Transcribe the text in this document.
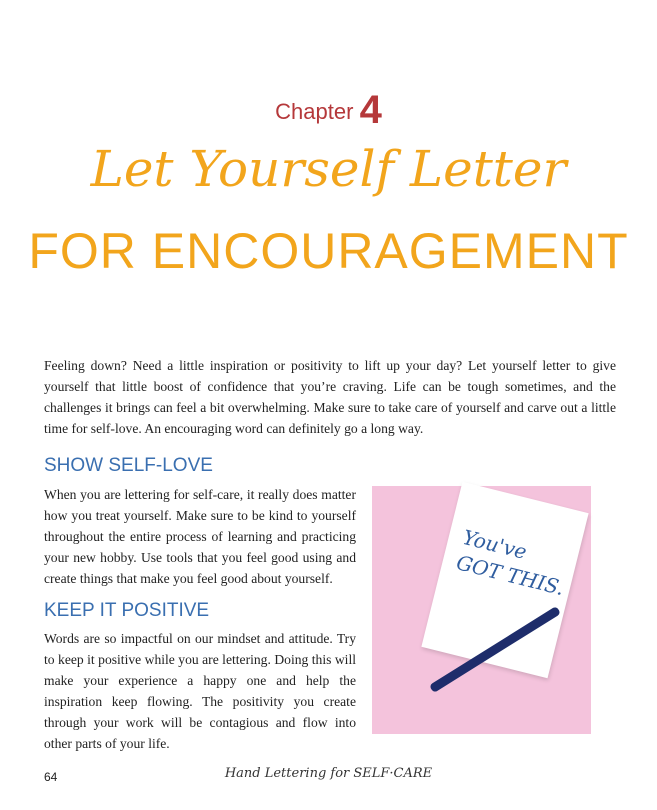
Chapter 4
Let Yourself Letter
FOR ENCOURAGEMENT
Feeling down? Need a little inspiration or positivity to lift up your day? Let yourself letter to give yourself that little boost of confidence that you’re craving. Life can be tough sometimes, and the challenges it brings can feel a bit overwhelming. Make sure to take care of yourself and carve out a little time for self-love. An encouraging word can definitely go a long way.
SHOW SELF-LOVE
When you are lettering for self-care, it really does matter how you treat yourself. Make sure to be kind to yourself throughout the entire process of learning and practicing your new hobby. Use tools that you feel good using and create things that make you feel good about yourself.
KEEP IT POSITIVE
Words are so impactful on our mindset and attitude. Try to keep it positive while you are lettering. Doing this will make your experience a happy one and help the inspiration keep flowing. The positivity you create through your work will be contagious and flow into other parts of your life.
You've GOT THIS.
64	Hand Lettering for SELF·CARE
